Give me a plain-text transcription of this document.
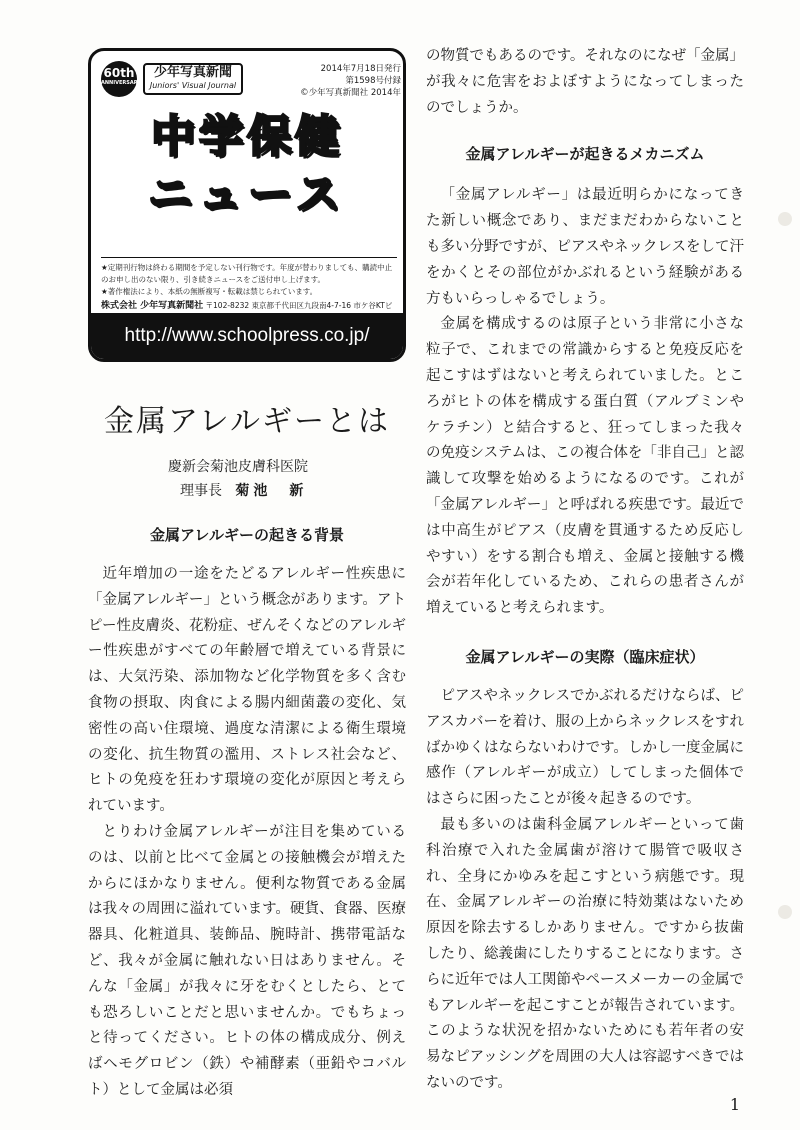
60th
ANNIVERSARY
少年写真新聞
Juniors' Visual Journal
2014年7月18日発行
第1598号付録
©少年写真新聞社 2014年
中学保健
ニュース

★定期刊行物は終わる期間を予定しない刊行物です。年度が替わりましても、購読中止のお申し出のない限り、引き続きニュースをご送付申し上げます。

★著作権法により、本紙の無断複写・転載は禁じられています。

株式会社 少年写真新聞社 〒102-8232 東京都千代田区九段南4-7-16 市ケ谷KTビ
http://www.schoolpress.co.jp/
金属アレルギーとは
慶新会菊池皮膚科医院
理事長 菊池　新
金属アレルギーの起きる背景

近年増加の一途をたどるアレルギー性疾患に「金属アレルギー」という概念があります。アトピー性皮膚炎、花粉症、ぜんそくなどのアレルギー性疾患がすべての年齢層で増えている背景には、大気汚染、添加物など化学物質を多く含む食物の摂取、肉食による腸内細菌叢の変化、気密性の高い住環境、過度な清潔による衛生環境の変化、抗生物質の濫用、ストレス社会など、ヒトの免疫を狂わす環境の変化が原因と考えられています。

とりわけ金属アレルギーが注目を集めているのは、以前と比べて金属との接触機会が増えたからにほかなりません。便利な物質である金属は我々の周囲に溢れています。硬貨、食器、医療器具、化粧道具、装飾品、腕時計、携帯電話など、我々が金属に触れない日はありません。そんな「金属」が我々に牙をむくとしたら、とても恐ろしいことだと思いませんか。でもちょっと待ってください。ヒトの体の構成成分、例えばヘモグロビン（鉄）や補酵素（亜鉛やコバルト）として金属は必須

の物質でもあるのです。それなのになぜ「金属」が我々に危害をおよぼすようになってしまったのでしょうか。

金属アレルギーが起きるメカニズム

「金属アレルギー」は最近明らかになってきた新しい概念であり、まだまだわからないことも多い分野ですが、ピアスやネックレスをして汗をかくとその部位がかぶれるという経験がある方もいらっしゃるでしょう。

金属を構成するのは原子という非常に小さな粒子で、これまでの常識からすると免疫反応を起こすはずはないと考えられていました。ところがヒトの体を構成する蛋白質（アルブミンやケラチン）と結合すると、狂ってしまった我々の免疫システムは、この複合体を「非自己」と認識して攻撃を始めるようになるのです。これが「金属アレルギー」と呼ばれる疾患です。最近では中高生がピアス（皮膚を貫通するため反応しやすい）をする割合も増え、金属と接触する機会が若年化しているため、これらの患者さんが増えていると考えられます。

金属アレルギーの実際（臨床症状）

ピアスやネックレスでかぶれるだけならば、ピアスカバーを着け、服の上からネックレスをすればかゆくはならないわけです。しかし一度金属に感作（アレルギーが成立）してしまった個体ではさらに困ったことが後々起きるのです。

最も多いのは歯科金属アレルギーといって歯科治療で入れた金属歯が溶けて腸管で吸収され、全身にかゆみを起こすという病態です。現在、金属アレルギーの治療に特効薬はないため原因を除去するしかありません。ですから抜歯したり、総義歯にしたりすることになります。さらに近年では人工関節やペースメーカーの金属でもアレルギーを起こすことが報告されています。このような状況を招かないためにも若年者の安易なピアッシングを周囲の大人は容認すべきではないのです。

1
